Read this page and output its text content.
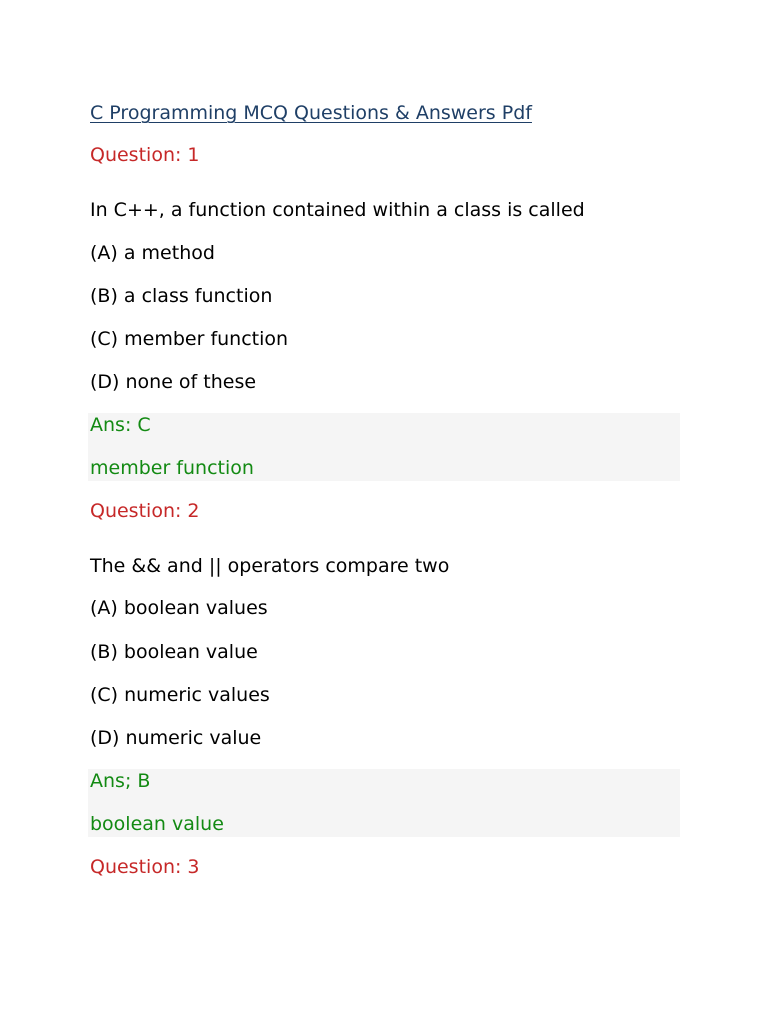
C Programming MCQ Questions & Answers Pdf
Question: 1
In C++, a function contained within a class is called
(A) a method
(B) a class function
(C) member function
(D) none of these
Ans: C
member function
Question: 2
The && and || operators compare two
(A) boolean values
(B) boolean value
(C) numeric values
(D) numeric value
Ans; B
boolean value
Question: 3
